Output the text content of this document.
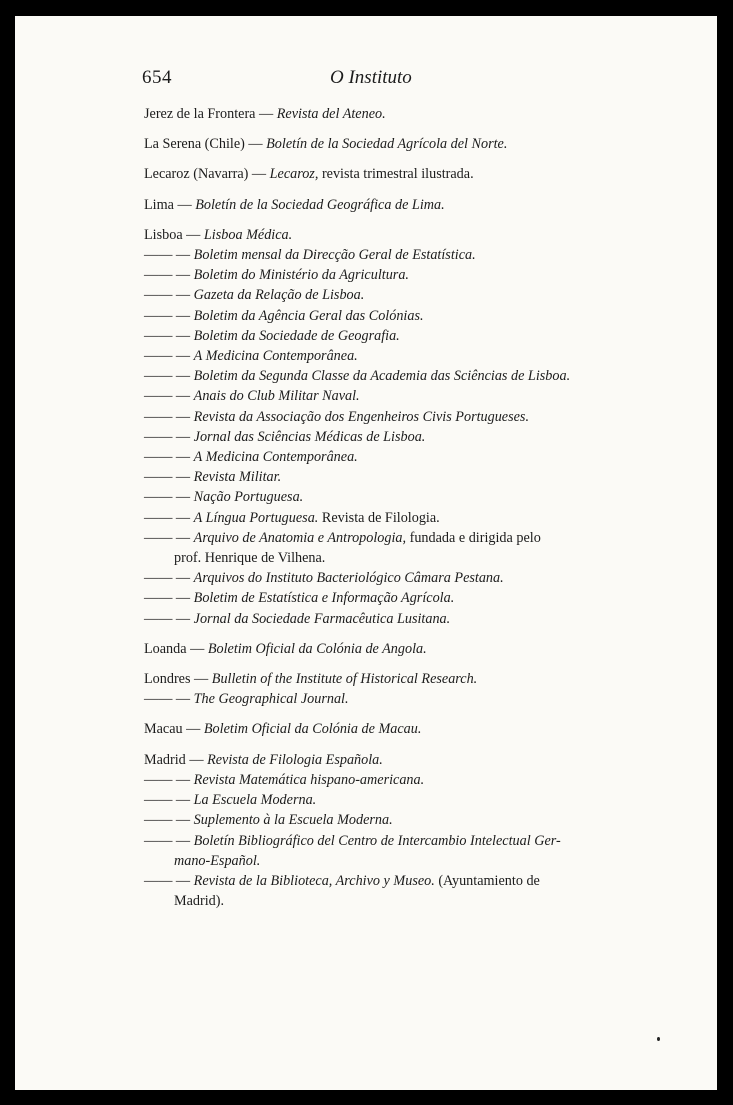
654	O Instituto
Jerez de la Frontera — Revista del Ateneo.
La Serena (Chile) — Boletín de la Sociedad Agrícola del Norte.
Lecaroz (Navarra) — Lecaroz, revista trimestral ilustrada.
Lima — Boletín de la Sociedad Geográfica de Lima.
Lisboa — Lisboa Médica.
—— — Boletim mensal da Direcção Geral de Estatística.
—— — Boletim do Ministério da Agricultura.
—— — Gazeta da Relação de Lisboa.
—— — Boletim da Agência Geral das Colónias.
—— — Boletim da Sociedade de Geografia.
—— — A Medicina Contemporânea.
—— — Boletim da Segunda Classe da Academia das Sciências de Lisboa.
—— — Anais do Club Militar Naval.
—— — Revista da Associação dos Engenheiros Civis Portugueses.
—— — Jornal das Sciências Médicas de Lisboa.
—— — A Medicina Contemporânea.
—— — Revista Militar.
—— — Nação Portuguesa.
—— — A Língua Portuguesa. Revista de Filologia.
—— — Arquivo de Anatomia e Antropologia, fundada e dirigida pelo
prof. Henrique de Vilhena.
—— — Arquivos do Instituto Bacteriológico Câmara Pestana.
—— — Boletim de Estatística e Informação Agrícola.
—— — Jornal da Sociedade Farmacêutica Lusitana.
Loanda — Boletim Oficial da Colónia de Angola.
Londres — Bulletin of the Institute of Historical Research.
—— — The Geographical Journal.
Macau — Boletim Oficial da Colónia de Macau.
Madrid — Revista de Filologia Española.
—— — Revista Matemática hispano-americana.
—— — La Escuela Moderna.
—— — Suplemento à la Escuela Moderna.
—— — Boletín Bibliográfico del Centro de Intercambio Intelectual Ger-
mano-Español.
—— — Revista de la Biblioteca, Archivo y Museo. (Ayuntamiento de
Madrid).
